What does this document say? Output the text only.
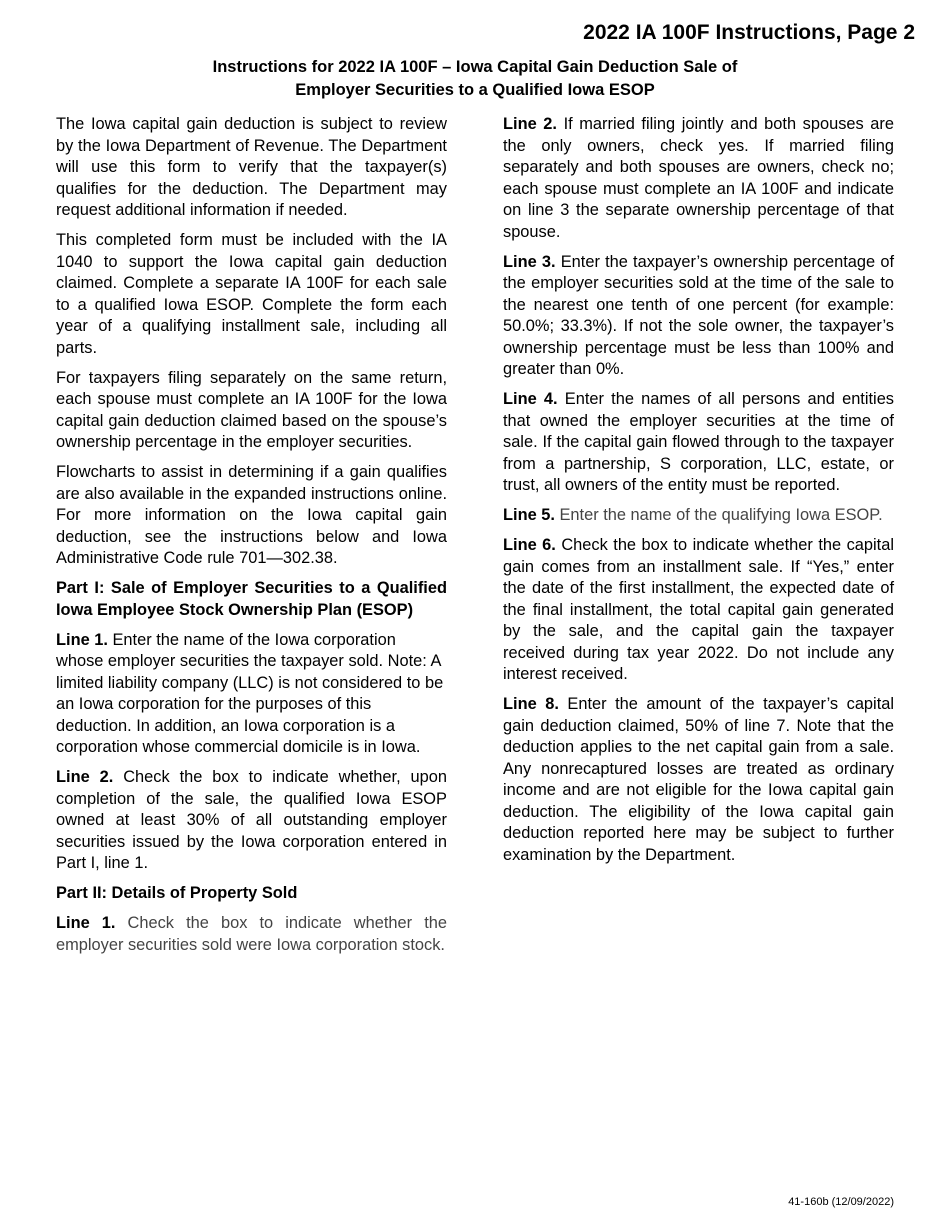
2022 IA 100F Instructions, Page 2
Instructions for 2022 IA 100F – Iowa Capital Gain Deduction Sale of
Employer Securities to a Qualified Iowa ESOP

The Iowa capital gain deduction is subject to review by the Iowa Department of Revenue. The Department will use this form to verify that the taxpayer(s) qualifies for the deduction. The Department may request additional information if needed.

This completed form must be included with the IA 1040 to support the Iowa capital gain deduction claimed. Complete a separate IA 100F for each sale to a qualified Iowa ESOP. Complete the form each year of a qualifying installment sale, including all parts.

For taxpayers filing separately on the same return, each spouse must complete an IA 100F for the Iowa capital gain deduction claimed based on the spouse’s ownership percentage in the employer securities.

Flowcharts to assist in determining if a gain qualifies are also available in the expanded instructions online. For more information on the Iowa capital gain deduction, see the instructions below and Iowa Administrative Code rule 701—302.38.

Part I: Sale of Employer Securities to a Qualified Iowa Employee Stock Ownership Plan (ESOP)

Line 1. Enter the name of the Iowa corporation whose employer securities the taxpayer sold. Note: A limited liability company (LLC) is not considered to be an Iowa corporation for the purposes of this deduction. In addition, an Iowa corporation is a corporation whose commercial domicile is in Iowa.

Line 2. Check the box to indicate whether, upon completion of the sale, the qualified Iowa ESOP owned at least 30% of all outstanding employer securities issued by the Iowa corporation entered in Part I, line 1.

Part II: Details of Property Sold

Line 1. Check the box to indicate whether the employer securities sold were Iowa corporation stock.

Line 2. If married filing jointly and both spouses are the only owners, check yes. If married filing separately and both spouses are owners, check no; each spouse must complete an IA 100F and indicate on line 3 the separate ownership percentage of that spouse.

Line 3. Enter the taxpayer’s ownership percentage of the employer securities sold at the time of the sale to the nearest one tenth of one percent (for example: 50.0%; 33.3%). If not the sole owner, the taxpayer’s ownership percentage must be less than 100% and greater than 0%.

Line 4. Enter the names of all persons and entities that owned the employer securities at the time of sale. If the capital gain flowed through to the taxpayer from a partnership, S corporation, LLC, estate, or trust, all owners of the entity must be reported.

Line 5. Enter the name of the qualifying Iowa ESOP.

Line 6. Check the box to indicate whether the capital gain comes from an installment sale. If “Yes,” enter the date of the first installment, the expected date of the final installment, the total capital gain generated by the sale, and the capital gain the taxpayer received during tax year 2022. Do not include any interest received.

Line 8. Enter the amount of the taxpayer’s capital gain deduction claimed, 50% of line 7. Note that the deduction applies to the net capital gain from a sale. Any nonrecaptured losses are treated as ordinary income and are not eligible for the Iowa capital gain deduction. The eligibility of the Iowa capital gain deduction reported here may be subject to further examination by the Department.

41-160b (12/09/2022)
